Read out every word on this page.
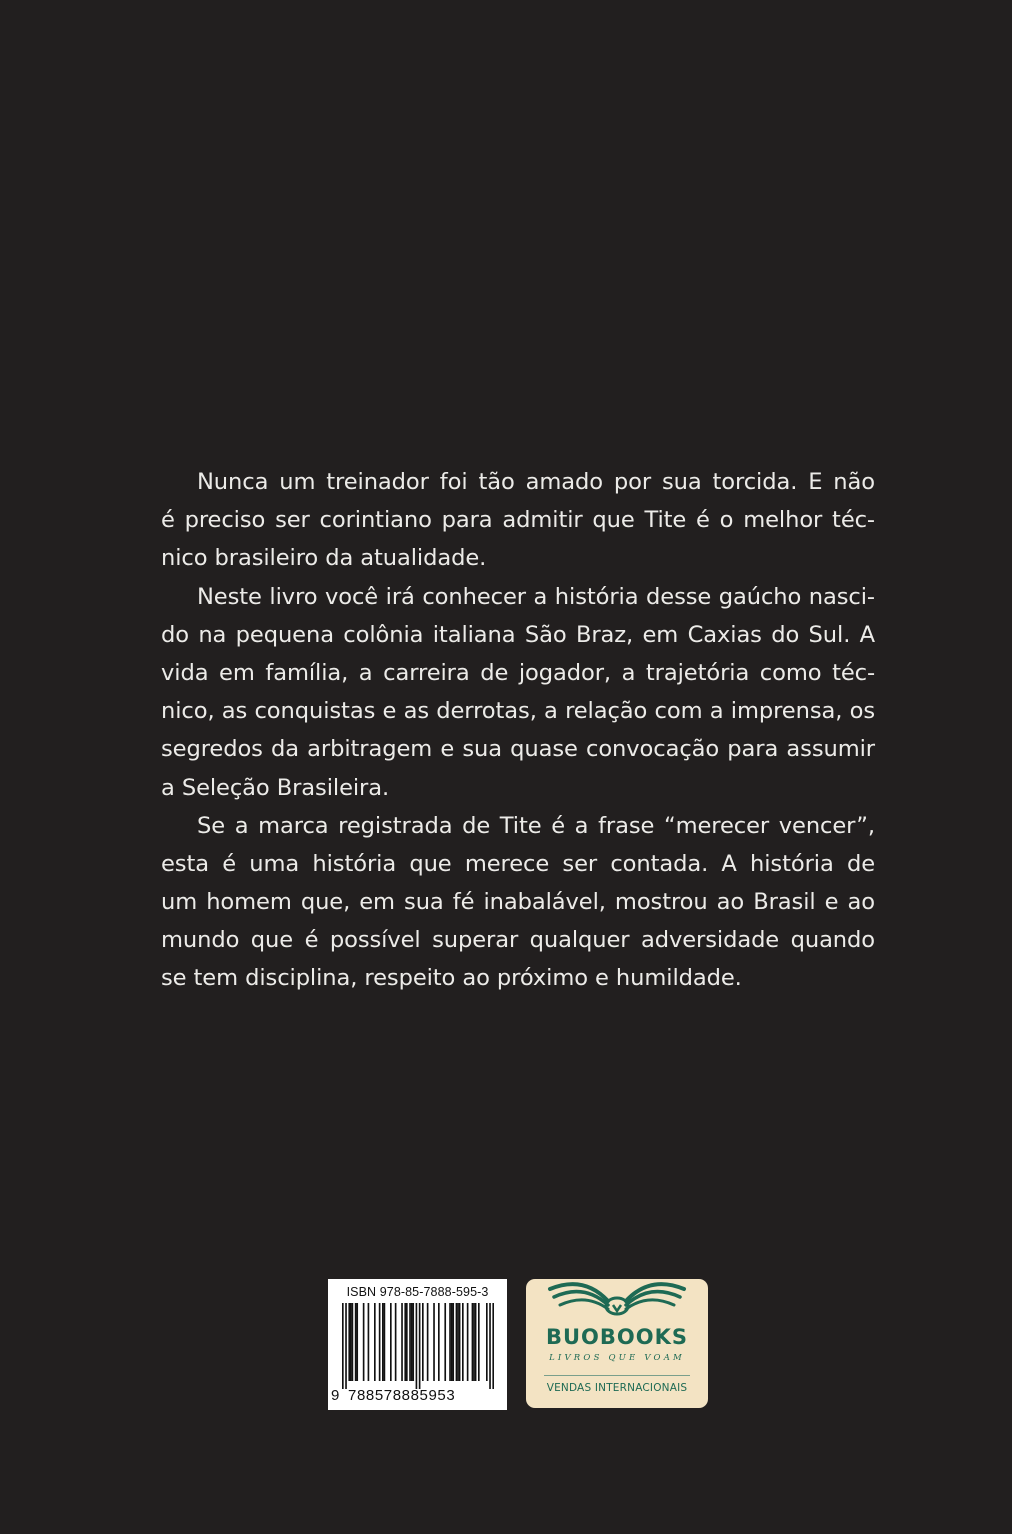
Nunca um treinador foi tão amado por sua torcida. E não
é preciso ser corintiano para admitir que Tite é o melhor téc-
nico brasileiro da atualidade.
Neste livro você irá conhecer a história desse gaúcho nasci-
do na pequena colônia italiana São Braz, em Caxias do Sul. A
vida em família, a carreira de jogador, a trajetória como téc-
nico, as conquistas e as derrotas, a relação com a imprensa, os
segredos da arbitragem e sua quase convocação para assumir
a Seleção Brasileira.
Se a marca registrada de Tite é a frase “merecer vencer”,
esta é uma história que merece ser contada. A história de
um homem que, em sua fé inabalável, mostrou ao Brasil e ao
mundo que é possível superar qualquer adversidade quando
se tem disciplina, respeito ao próximo e humildade.
ISBN 978-85-7888-595-3
9 788578885953
BUOBOOKS
LIVROS QUE VOAM
VENDAS INTERNACIONAIS
